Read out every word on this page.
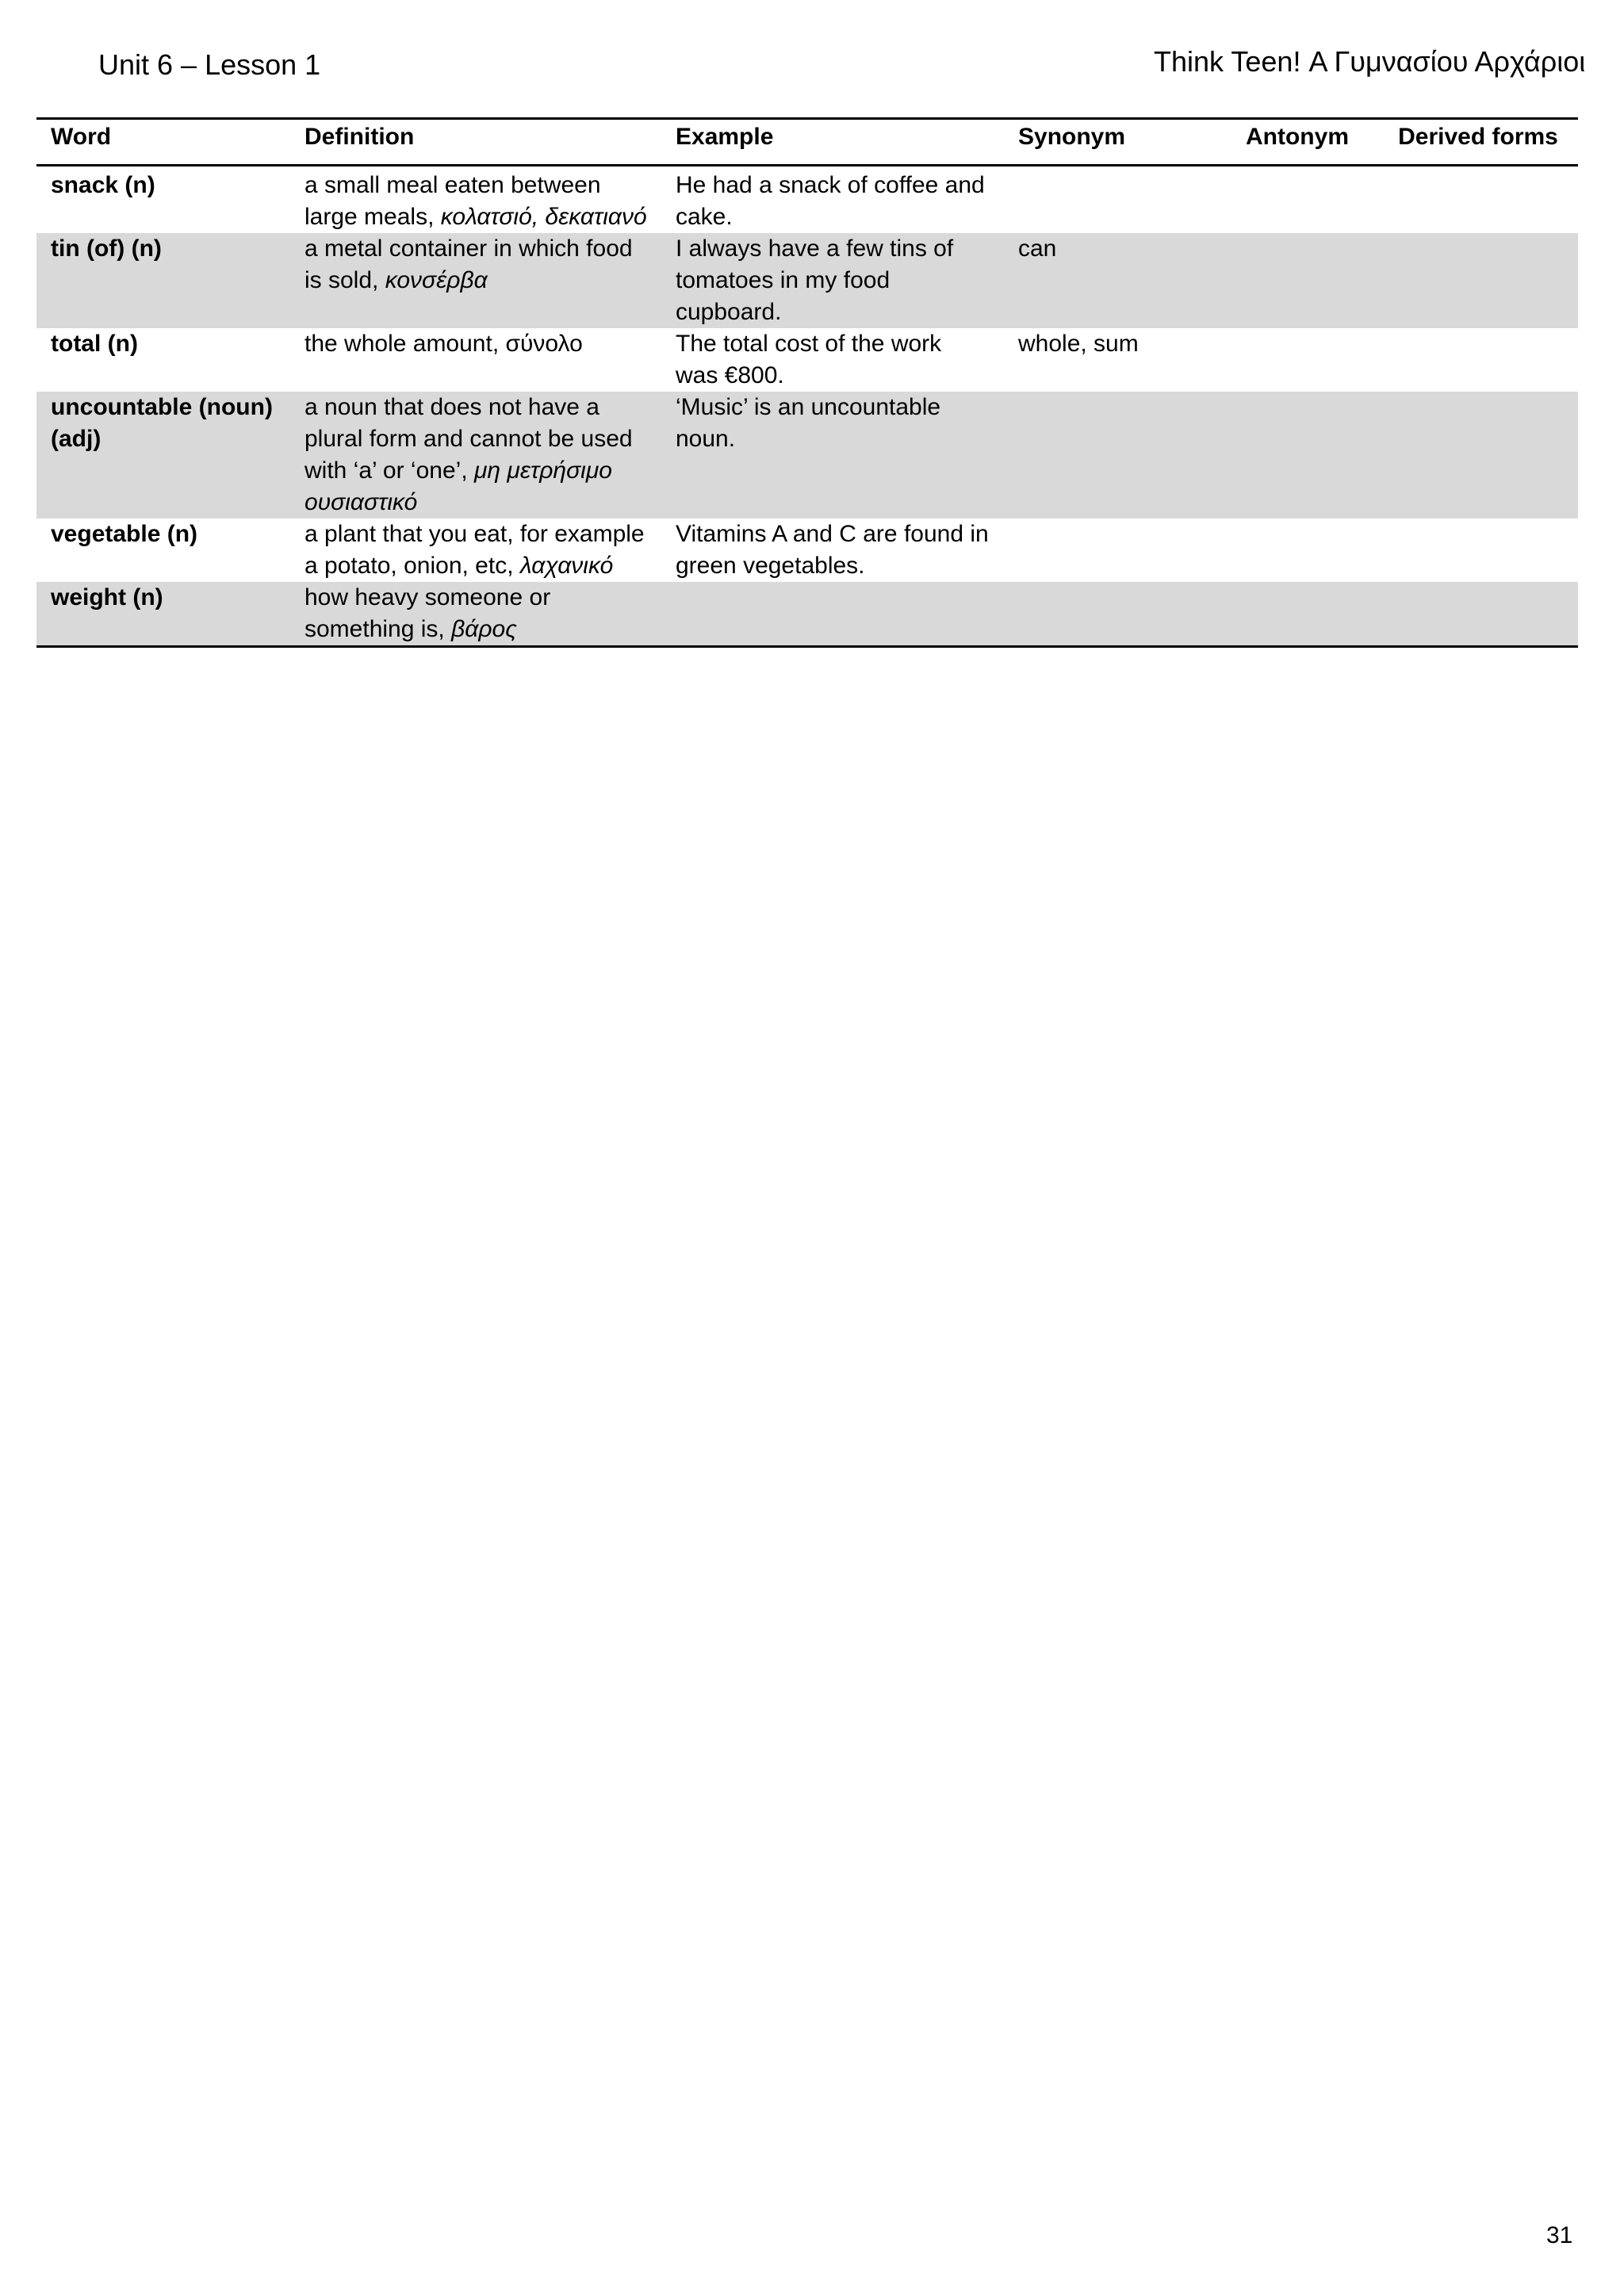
Unit 6 – Lesson 1	Think Teen! Α Γυμνασίου Αρχάριοι
Word	Definition	Example	Synonym	Antonym	Derived forms
snack (n)	a small meal eaten between large meals, κολατσιό, δεκατιανό	He had a snack of coffee and cake.			
tin (of) (n)	a metal container in which food is sold, κονσέρβα	I always have a few tins of tomatoes in my food cupboard.	can		
total (n)	the whole amount, σύνολο	The total cost of the work was €800.	whole, sum		
uncountable (noun) (adj)	a noun that does not have a plural form and cannot be used with ‘a’ or ‘one’, μη μετρήσιμο ουσιαστικό	‘Music’ is an uncountable noun.			
vegetable (n)	a plant that you eat, for example a potato, onion, etc, λαχανικό	Vitamins A and C are found in green vegetables.			
weight (n)	how heavy someone or something is, βάρος				
31
